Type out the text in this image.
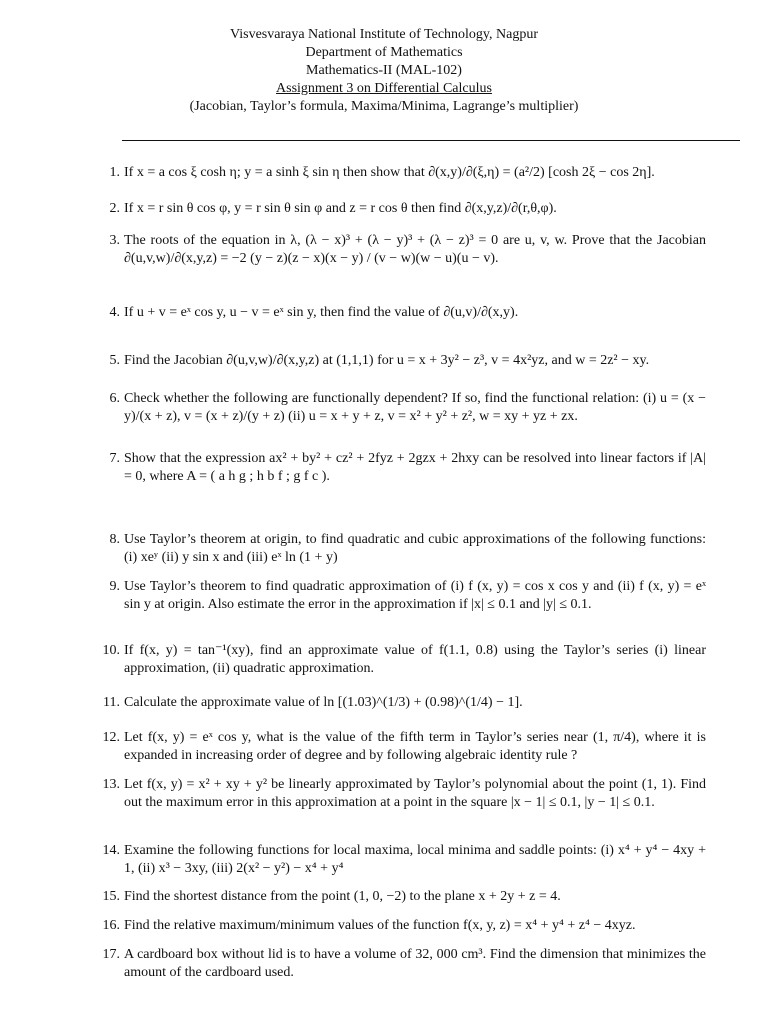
Visvesvaraya National Institute of Technology, Nagpur
Department of Mathematics
Mathematics-II (MAL-102)
Assignment 3 on Differential Calculus
(Jacobian, Taylor’s formula, Maxima/Minima, Lagrange’s multiplier)
1. If x = a cos ξ cosh η; y = a sinh ξ sin η then show that ∂(x,y)/∂(ξ,η) = (a²/2) [cosh 2ξ − cos 2η].
2. If x = r sin θ cos φ, y = r sin θ sin φ and z = r cos θ then find ∂(x,y,z)/∂(r,θ,φ).
3. The roots of the equation in λ, (λ − x)³ + (λ − y)³ + (λ − z)³ = 0 are u, v, w. Prove that the Jacobian ∂(u,v,w)/∂(x,y,z) = −2 (y − z)(z − x)(x − y) / (v − w)(w − u)(u − v).
4. If u + v = eˣ cos y, u − v = eˣ sin y, then find the value of ∂(u,v)/∂(x,y).
5. Find the Jacobian ∂(u,v,w)/∂(x,y,z) at (1,1,1) for u = x + 3y² − z³, v = 4x²yz, and w = 2z² − xy.
6. Check whether the following are functionally dependent? If so, find the functional relation: (i) u = (x − y)/(x + z), v = (x + z)/(y + z) (ii) u = x + y + z, v = x² + y² + z², w = xy + yz + zx.
7. Show that the expression ax² + by² + cz² + 2fyz + 2gzx + 2hxy can be resolved into linear factors if |A| = 0, where A = ( a h g ; h b f ; g f c ).
8. Use Taylor’s theorem at origin, to find quadratic and cubic approximations of the following functions: (i) xeʸ (ii) y sin x and (iii) eˣ ln (1 + y)
9. Use Taylor’s theorem to find quadratic approximation of (i) f (x, y) = cos x cos y and (ii) f (x, y) = eˣ sin y at origin. Also estimate the error in the approximation if |x| ≤ 0.1 and |y| ≤ 0.1.
10. If f(x, y) = tan⁻¹(xy), find an approximate value of f(1.1, 0.8) using the Taylor’s series (i) linear approximation, (ii) quadratic approximation.
11. Calculate the approximate value of ln [(1.03)^(1/3) + (0.98)^(1/4) − 1].
12. Let f(x, y) = eˣ cos y, what is the value of the fifth term in Taylor’s series near (1, π/4), where it is expanded in increasing order of degree and by following algebraic identity rule ?
13. Let f(x, y) = x² + xy + y² be linearly approximated by Taylor’s polynomial about the point (1, 1). Find out the maximum error in this approximation at a point in the square |x − 1| ≤ 0.1, |y − 1| ≤ 0.1.
14. Examine the following functions for local maxima, local minima and saddle points: (i) x⁴ + y⁴ − 4xy + 1, (ii) x³ − 3xy, (iii) 2(x² − y²) − x⁴ + y⁴
15. Find the shortest distance from the point (1, 0, −2) to the plane x + 2y + z = 4.
16. Find the relative maximum/minimum values of the function f(x, y, z) = x⁴ + y⁴ + z⁴ − 4xyz.
17. A cardboard box without lid is to have a volume of 32, 000 cm³. Find the dimension that minimizes the amount of the cardboard used.
